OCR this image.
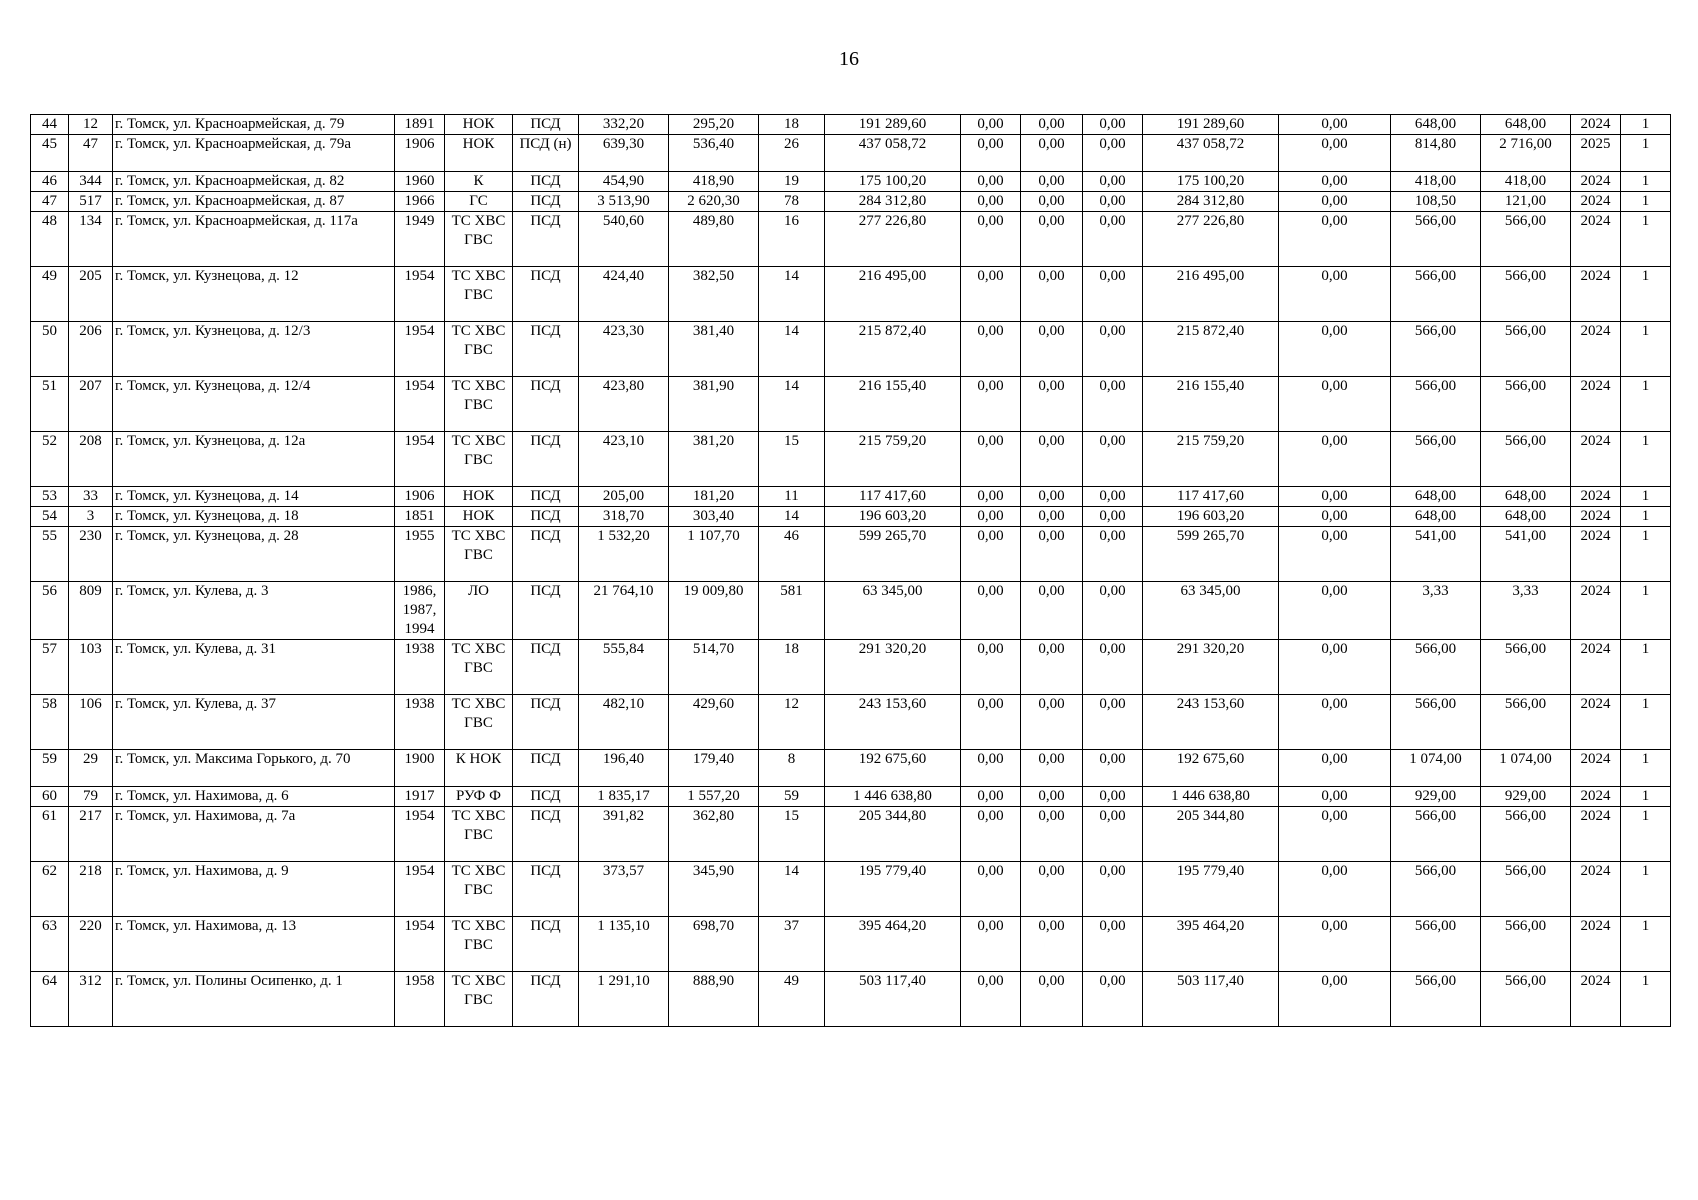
16
44	12	г. Томск, ул. Красноармейская, д. 79	1891	НОК	ПСД	332,20	295,20	18	191 289,60	0,00	0,00	0,00	191 289,60	0,00	648,00	648,00	2024	1
45	47	г. Томск, ул. Красноармейская, д. 79а	1906	НОК	ПСД (н)	639,30	536,40	26	437 058,72	0,00	0,00	0,00	437 058,72	0,00	814,80	2 716,00	2025	1
46	344	г. Томск, ул. Красноармейская, д. 82	1960	К	ПСД	454,90	418,90	19	175 100,20	0,00	0,00	0,00	175 100,20	0,00	418,00	418,00	2024	1
47	517	г. Томск, ул. Красноармейская, д. 87	1966	ГС	ПСД	3 513,90	2 620,30	78	284 312,80	0,00	0,00	0,00	284 312,80	0,00	108,50	121,00	2024	1
48	134	г. Томск, ул. Красноармейская, д. 117а	1949	ТС ХВС ГВС	ПСД	540,60	489,80	16	277 226,80	0,00	0,00	0,00	277 226,80	0,00	566,00	566,00	2024	1
49	205	г. Томск, ул. Кузнецова, д. 12	1954	ТС ХВС ГВС	ПСД	424,40	382,50	14	216 495,00	0,00	0,00	0,00	216 495,00	0,00	566,00	566,00	2024	1
50	206	г. Томск, ул. Кузнецова, д. 12/3	1954	ТС ХВС ГВС	ПСД	423,30	381,40	14	215 872,40	0,00	0,00	0,00	215 872,40	0,00	566,00	566,00	2024	1
51	207	г. Томск, ул. Кузнецова, д. 12/4	1954	ТС ХВС ГВС	ПСД	423,80	381,90	14	216 155,40	0,00	0,00	0,00	216 155,40	0,00	566,00	566,00	2024	1
52	208	г. Томск, ул. Кузнецова, д. 12а	1954	ТС ХВС ГВС	ПСД	423,10	381,20	15	215 759,20	0,00	0,00	0,00	215 759,20	0,00	566,00	566,00	2024	1
53	33	г. Томск, ул. Кузнецова, д. 14	1906	НОК	ПСД	205,00	181,20	11	117 417,60	0,00	0,00	0,00	117 417,60	0,00	648,00	648,00	2024	1
54	3	г. Томск, ул. Кузнецова, д. 18	1851	НОК	ПСД	318,70	303,40	14	196 603,20	0,00	0,00	0,00	196 603,20	0,00	648,00	648,00	2024	1
55	230	г. Томск, ул. Кузнецова, д. 28	1955	ТС ХВС ГВС	ПСД	1 532,20	1 107,70	46	599 265,70	0,00	0,00	0,00	599 265,70	0,00	541,00	541,00	2024	1
56	809	г. Томск, ул. Кулева, д. 3	1986, 1987, 1994	ЛО	ПСД	21 764,10	19 009,80	581	63 345,00	0,00	0,00	0,00	63 345,00	0,00	3,33	3,33	2024	1
57	103	г. Томск, ул. Кулева, д. 31	1938	ТС ХВС ГВС	ПСД	555,84	514,70	18	291 320,20	0,00	0,00	0,00	291 320,20	0,00	566,00	566,00	2024	1
58	106	г. Томск, ул. Кулева, д. 37	1938	ТС ХВС ГВС	ПСД	482,10	429,60	12	243 153,60	0,00	0,00	0,00	243 153,60	0,00	566,00	566,00	2024	1
59	29	г. Томск, ул. Максима Горького, д. 70	1900	К НОК	ПСД	196,40	179,40	8	192 675,60	0,00	0,00	0,00	192 675,60	0,00	1 074,00	1 074,00	2024	1
60	79	г. Томск, ул. Нахимова, д. 6	1917	РУФ Ф	ПСД	1 835,17	1 557,20	59	1 446 638,80	0,00	0,00	0,00	1 446 638,80	0,00	929,00	929,00	2024	1
61	217	г. Томск, ул. Нахимова, д. 7а	1954	ТС ХВС ГВС	ПСД	391,82	362,80	15	205 344,80	0,00	0,00	0,00	205 344,80	0,00	566,00	566,00	2024	1
62	218	г. Томск, ул. Нахимова, д. 9	1954	ТС ХВС ГВС	ПСД	373,57	345,90	14	195 779,40	0,00	0,00	0,00	195 779,40	0,00	566,00	566,00	2024	1
63	220	г. Томск, ул. Нахимова, д. 13	1954	ТС ХВС ГВС	ПСД	1 135,10	698,70	37	395 464,20	0,00	0,00	0,00	395 464,20	0,00	566,00	566,00	2024	1
64	312	г. Томск, ул. Полины Осипенко, д. 1	1958	ТС ХВС ГВС	ПСД	1 291,10	888,90	49	503 117,40	0,00	0,00	0,00	503 117,40	0,00	566,00	566,00	2024	1
